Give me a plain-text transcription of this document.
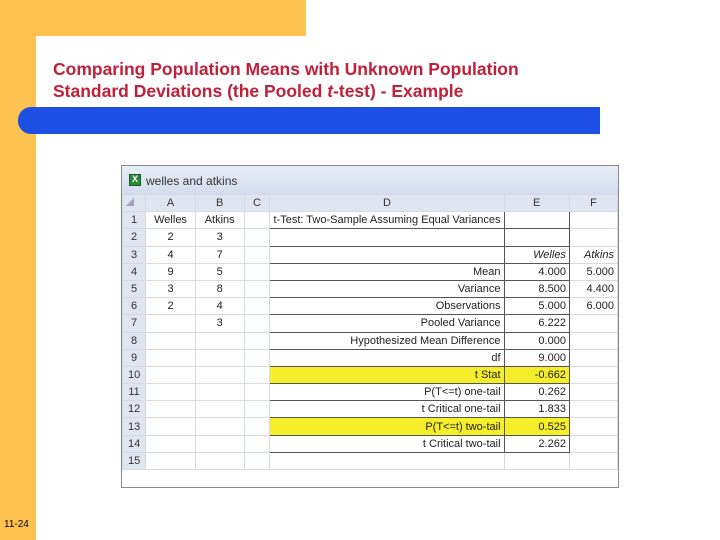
Comparing Population Means with Unknown Population
Standard Deviations (the Pooled t-test) - Example
X
welles and atkins
	A	B	C	D	E	F
1	Welles	Atkins		t-Test: Two-Sample Assuming Equal Variances		
2	2	3				
3	4	7			Welles	Atkins
4	9	5		Mean	4.000	5.000
5	3	8		Variance	8.500	4.400
6	2	4		Observations	5.000	6.000
7		3		Pooled Variance	6.222	
8				Hypothesized Mean Difference	0.000	
9				df	9.000	
10				t Stat	-0.662	
11				P(T<=t) one-tail	0.262	
12				t Critical one-tail	1.833	
13				P(T<=t) two-tail	0.525	
14				t Critical two-tail	2.262	
15						
11-24
